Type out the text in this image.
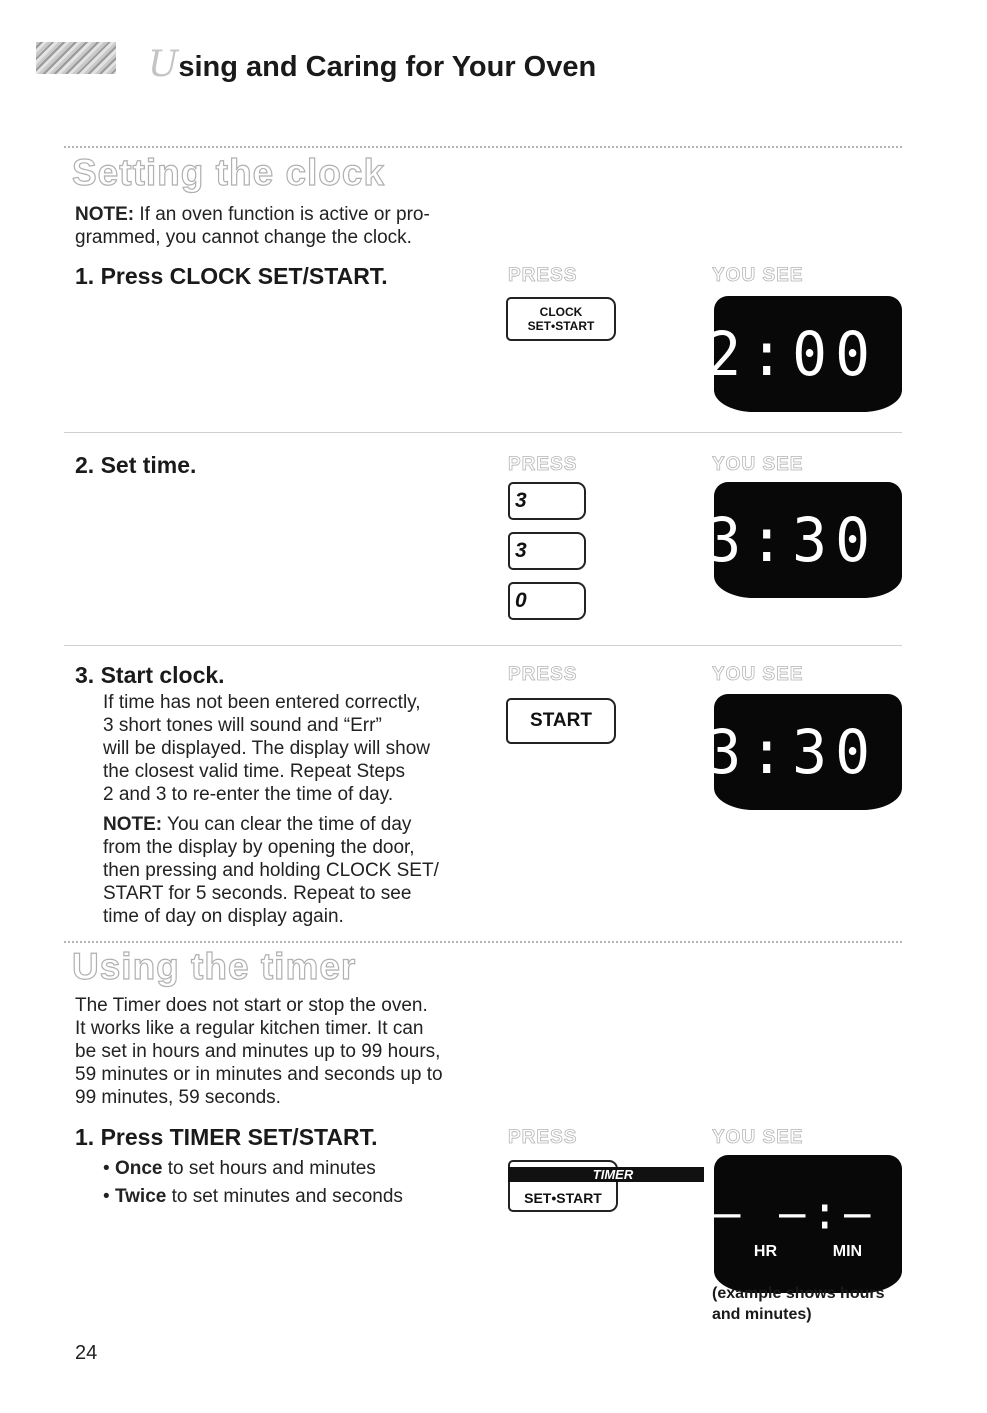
Using and Caring for Your Oven
Setting the clock
NOTE: If an oven function is active or pro-
grammed, you cannot change the clock.
1. Press CLOCK SET/START.	PRESS	YOU SEE
CLOCK
SET•START 12:00
2. Set time.	PRESS	YOU SEE
3
3
0
3:30
3. Start clock.	PRESS	YOU SEE
If time has not been entered correctly,
3 short tones will sound and “Err”
will be displayed. The display will show
the closest valid time. Repeat Steps
2 and 3 to re-enter the time of day.
NOTE: You can clear the time of day
from the display by opening the door,
then pressing and holding CLOCK SET/
START for 5 seconds. Repeat to see
time of day on display again.
START	3:30
Using the timer
The Timer does not start or stop the oven.
It works like a regular kitchen timer. It can
be set in hours and minutes up to 99 hours,
59 minutes or in minutes and seconds up to
99 minutes, 59 seconds.
1. Press TIMER SET/START.	PRESS	YOU SEE
• Once to set hours and minutes
• Twice to set minutes and seconds
TIMER
SET•START	– –:– –
HR	MIN
(example shows hours
and minutes)
24
